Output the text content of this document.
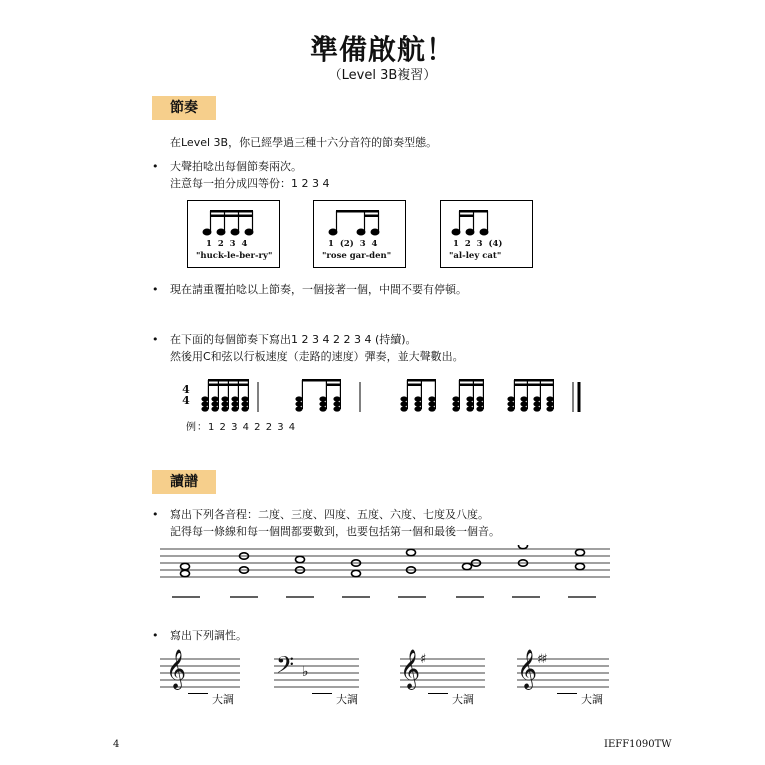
準備啟航！
（Level 3B複習）
節奏
在Level 3B，你已經學過三種十六分音符的節奏型態。
• 大聲拍唸出每個節奏兩次。
注意每一拍分成四等份：1 2 3 4
1  2  3  4
"huck-le-ber-ry"
1  (2)  3  4
"rose gar-den"
1  2  3  (4)
"al-ley cat"
• 現在請重覆拍唸以上節奏，一個接著一個，中間不要有停頓。
• 在下面的每個節奏下寫出1 2 3 4 2 2 3 4 (持續)。
然後用C和弦以行板速度（走路的速度）彈奏，並大聲數出。
4
4
例：1 2 3 4 2 2 3 4
讀譜
• 寫出下列各音程：二度、三度、四度、五度、六度、七度及八度。
記得每一條線和每一個間都要數到，也要包括第一個和最後一個音。
• 寫出下列調性。
𝄞
大調
𝄢 ♭
大調
𝄞 ♯
大調
𝄞 ♯♯
大調
4	IEFF1090TW
